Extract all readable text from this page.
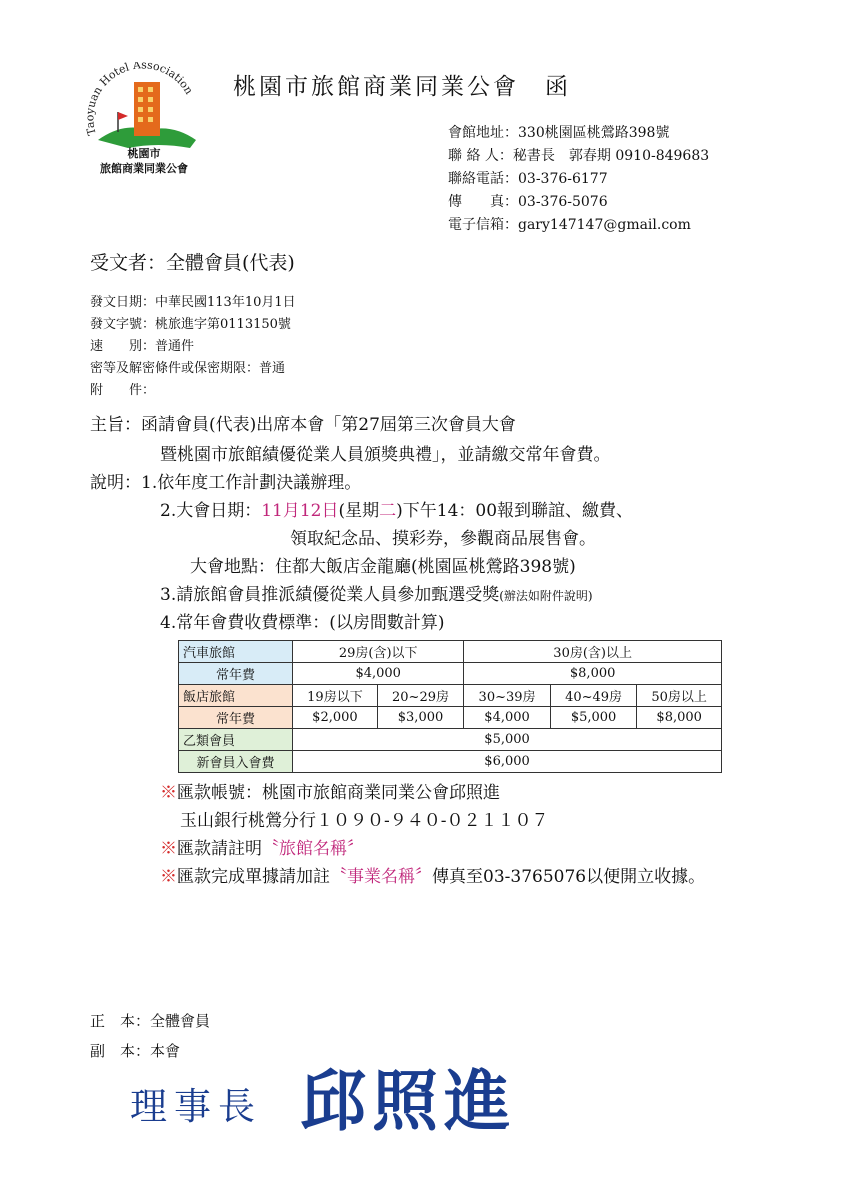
Taoyuan Hotel Association
桃園市
旅館商業同業公會
桃園市旅館商業同業公會　函
會館地址：330桃園區桃鶯路398號
聯 絡 人：秘書長　郭春期 0910-849683
聯絡電話：03-376-6177
傳　　真：03-376-5076
電子信箱：gary147147@gmail.com
受文者：全體會員(代表)
發文日期：中華民國113年10月1日
發文字號：桃旅進字第0113150號
速　　別：普通件
密等及解密條件或保密期限：普通
附　　件：
主旨：函請會員(代表)出席本會「第27屆第三次會員大會
暨桃園市旅館績優從業人員頒獎典禮」，並請繳交常年會費。
說明：1.依年度工作計劃決議辦理。
2.大會日期：11月12日(星期二)下午14：00報到聯誼、繳費、
領取紀念品、摸彩券，參觀商品展售會。
大會地點：住都大飯店金龍廳(桃園區桃鶯路398號)
3.請旅館會員推派績優從業人員參加甄選受獎(辦法如附件說明)
4.常年會費收費標準：(以房間數計算)
汽車旅館	29房(含)以下		30房(含)以上		
常年費	$4,000		$8,000		
飯店旅館	19房以下	20~29房	30~39房	40~49房	50房以上
常年費	$2,000	$3,000	$4,000	$5,000	$8,000
乙類會員	$5,000				
新會員入會費	$6,000				
※匯款帳號：桃園市旅館商業同業公會邱照進
玉山銀行桃鶯分行１０９０-９４０-０２１１０７
※匯款請註明〝旅館名稱〞
※匯款完成單據請加註〝事業名稱〞傳真至03-3765076以便開立收據。
正　本：全體會員
副　本：本會
理事長 邱照進
